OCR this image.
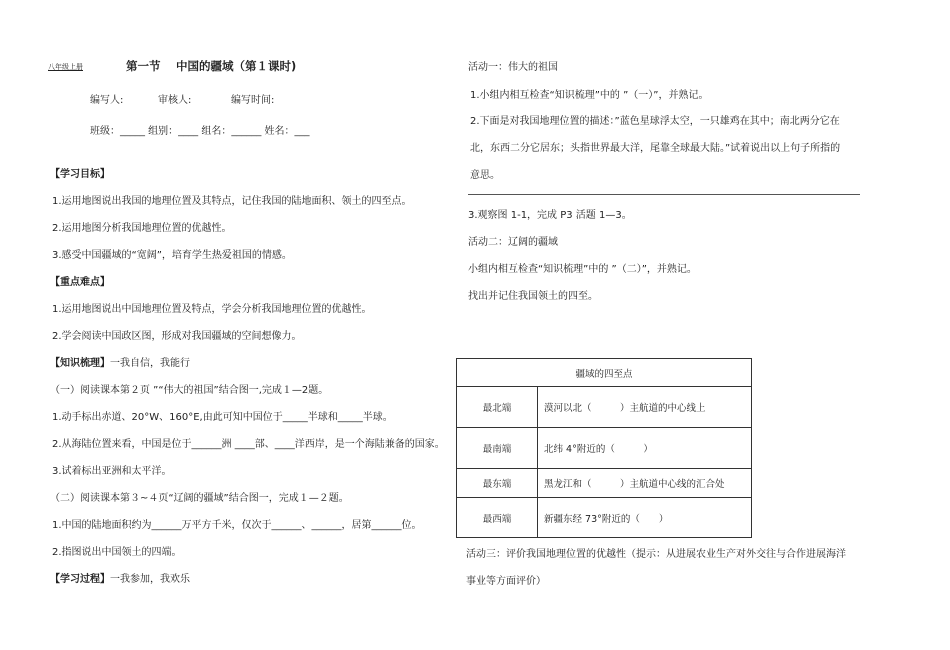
八年级上册	第一节　 中国的疆域（第１课时)
编写人:	审核人:	编写时间:
班级：_____ 组别：____ 组名：______ 姓名：___
【学习目标】
1.运用地图说出我国的地理位置及其特点，记住我国的陆地面积、领土的四至点。
2.运用地图分析我国地理位置的优越性。
3.感受中国疆域的“宽阔”，培育学生热爱祖国的情感。
【重点难点】
1.运用地图说出中国地理位置及特点，学会分析我国地理位置的优越性。
2.学会阅读中国政区图，形成对我国疆域的空间想像力。
【知识梳理】一我自信，我能行
（一）阅读课本第２页 ”“伟大的祖国”结合图一,完成１—2题。
1.动手标出赤道、20°W、160°E,由此可知中国位于_____半球和_____半球。
2.从海陆位置来看，中国是位于______洲 ____部、____洋西岸，是一个海陆兼备的国家。
3.试着标出亚洲和太平洋。
（二）阅读课本第３~４页“辽阔的疆域”结合图一，完成１—２题。
1.中国的陆地面积约为______万平方千米，仅次于______、______，居第______位。
2.指图说出中国领土的四端。
【学习过程】一我参加，我欢乐
活动一：伟大的祖国
1.小组内相互检查“知识梳理”中的 ”（一）”，并熟记。
2.下面是对我国地理位置的描述：”蓝色星球浮太空，一只雄鸡在其中；南北两分它在
北，东西二分它居东；头指世界最大洋，尾靠全球最大陆。”试着说出以上句子所指的
意思。
3.观察图 1-1，完成 P3 活题 1—3。
活动二：辽阔的疆域
小组内相互检查“知识梳理”中的 ”（二）”，并熟记。
找出并记住我国领土的四至。
疆域的四至点	
最北端	漠河以北（　　　）主航道的中心线上
最南端	北纬 4°附近的（　　　）
最东端	黑龙江和（　　　）主航道中心线的汇合处
最西端	新疆东经 73°附近的（　　）
活动三：评价我国地理位置的优越性（提示：从进展农业生产对外交往与合作进展海洋
事业等方面评价）
